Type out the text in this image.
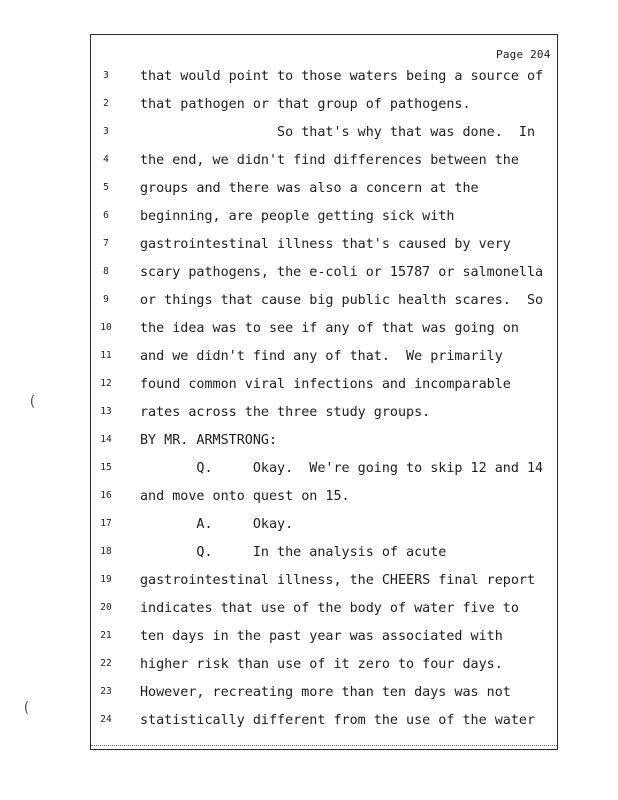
Page 204
(
(
3	that would point to those waters being a source of
2	that pathogen or that group of pathogens.
3	So that's why that was done.  In
4	the end, we didn't find differences between the
5	groups and there was also a concern at the
6	beginning, are people getting sick with
7	gastrointestinal illness that's caused by very
8	scary pathogens, the e-coli or 15787 or salmonella
9	or things that cause big public health scares.  So
10	the idea was to see if any of that was going on
11	and we didn't find any of that.  We primarily
12	found common viral infections and incomparable
13	rates across the three study groups.
14	BY MR. ARMSTRONG:
15	Q.     Okay.  We're going to skip 12 and 14
16	and move onto quest on 15.
17	A.     Okay.
18	Q.     In the analysis of acute
19	gastrointestinal illness, the CHEERS final report
20	indicates that use of the body of water five to
21	ten days in the past year was associated with
22	higher risk than use of it zero to four days.
23	However, recreating more than ten days was not
24	statistically different from the use of the water
